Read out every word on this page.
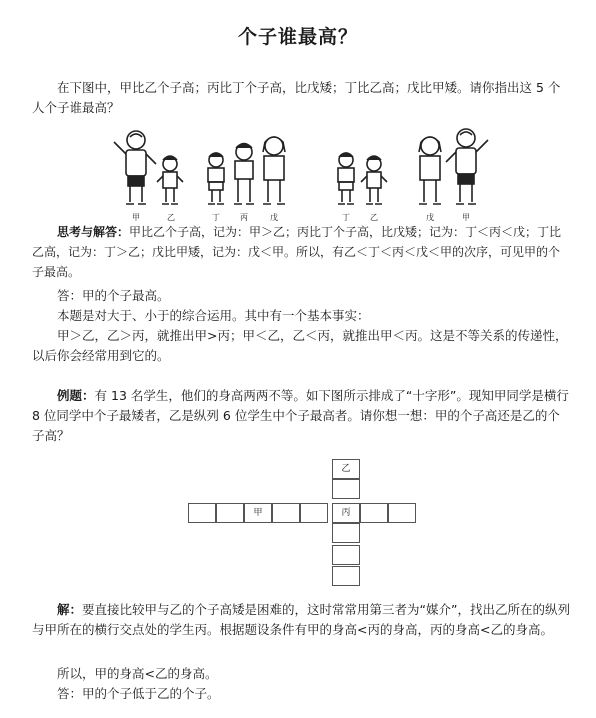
个子谁最高？

在下图中，甲比乙个子高；丙比丁个子高，比戊矮；丁比乙高；戊比甲矮。请你指出这 5 个人个子谁最高？

甲	乙	丁	丙	戊	丁	乙	戊	甲

思考与解答：甲比乙个子高，记为：甲＞乙；丙比丁个子高，比戊矮；记为：丁＜丙＜戊；丁比乙高，记为：丁＞乙；戊比甲矮，记为：戊＜甲。所以，有乙＜丁＜丙＜戊＜甲的次序，可见甲的个子最高。

答：甲的个子最高。

本题是对大于、小于的综合运用。其中有一个基本事实：

甲＞乙，乙＞丙，就推出甲>丙；甲＜乙，乙＜丙，就推出甲＜丙。这是不等关系的传递性，以后你会经常用到它的。

例题：有 13 名学生，他们的身高两两不等。如下图所示排成了“十字形”。现知甲同学是横行 8 位同学中个子最矮者，乙是纵列 6 位学生中个子最高者。请你想一想：甲的个子高还是乙的个子高？

乙
甲	丙

解：要直接比较甲与乙的个子高矮是困难的，这时常常用第三者为“媒介”，找出乙所在的纵列与甲所在的横行交点处的学生丙。根据题设条件有甲的身高<丙的身高，丙的身高<乙的身高。

所以，甲的身高<乙的身高。

答：甲的个子低于乙的个子。
